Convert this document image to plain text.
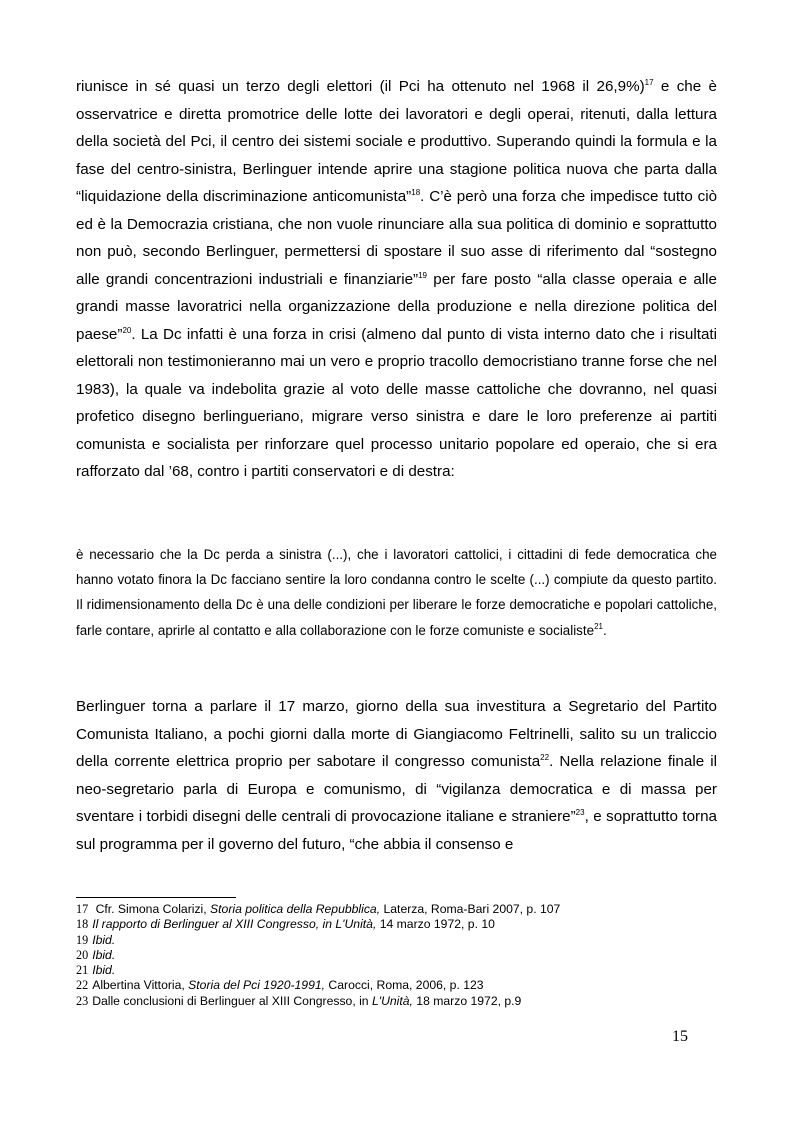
riunisce in sé quasi un terzo degli elettori (il Pci ha ottenuto nel 1968 il 26,9%)$^{17}$ e che è osservatrice e diretta promotrice delle lotte dei lavoratori e degli operai, ritenuti, dalla lettura della società del Pci, il centro dei sistemi sociale e produttivo. Superando quindi la formula e la fase del centro-sinistra, Berlinguer intende aprire una stagione politica nuova che parta dalla “liquidazione della discriminazione anticomunista”$^{18}$. C’è però una forza che impedisce tutto ciò ed è la Democrazia cristiana, che non vuole rinunciare alla sua politica di dominio e soprattutto non può, secondo Berlinguer, permettersi di spostare il suo asse di riferimento dal “sostegno alle grandi concentrazioni industriali e finanziarie”$^{19}$ per fare posto “alla classe operaia e alle grandi masse lavoratrici nella organizzazione della produzione e nella direzione politica del paese”$^{20}$. La Dc infatti è una forza in crisi (almeno dal punto di vista interno dato che i risultati elettorali non testimonieranno mai un vero e proprio tracollo democristiano tranne forse che nel 1983), la quale va indebolita grazie al voto delle masse cattoliche che dovranno, nel quasi profetico disegno berlingueriano, migrare verso sinistra e dare le loro preferenze ai partiti comunista e socialista per rinforzare quel processo unitario popolare ed operaio, che si era rafforzato dal ’68, contro i partiti conservatori e di destra:

è necessario che la Dc perda a sinistra (...), che i lavoratori cattolici, i cittadini di fede democratica che hanno votato finora la Dc facciano sentire la loro condanna contro le scelte (...) compiute da questo partito. Il ridimensionamento della Dc è una delle condizioni per liberare le forze democratiche e popolari cattoliche, farle contare, aprirle al contatto e alla collaborazione con le forze comuniste e socialiste$^{21}$.

Berlinguer torna a parlare il 17 marzo, giorno della sua investitura a Segretario del Partito Comunista Italiano, a pochi giorni dalla morte di Giangiacomo Feltrinelli, salito su un traliccio della corrente elettrica proprio per sabotare il congresso comunista$^{22}$. Nella relazione finale il neo-segretario parla di Europa e comunismo, di “vigilanza democratica e di massa per sventare i torbidi disegni delle centrali di provocazione italiane e straniere”$^{23}$, e soprattutto torna sul programma per il governo del futuro, “che abbia il consenso e

17 Cfr. Simona Colarizi, Storia politica della Repubblica, Laterza, Roma-Bari 2007, p. 107
18 Il rapporto di Berlinguer al XIII Congresso, in L'Unità, 14 marzo 1972, p. 10
19 Ibid.
20 Ibid.
21 Ibid.
22 Albertina Vittoria, Storia del Pci 1920-1991, Carocci, Roma, 2006, p. 123
23 Dalle conclusioni di Berlinguer al XIII Congresso, in L'Unità, 18 marzo 1972, p.9
15
